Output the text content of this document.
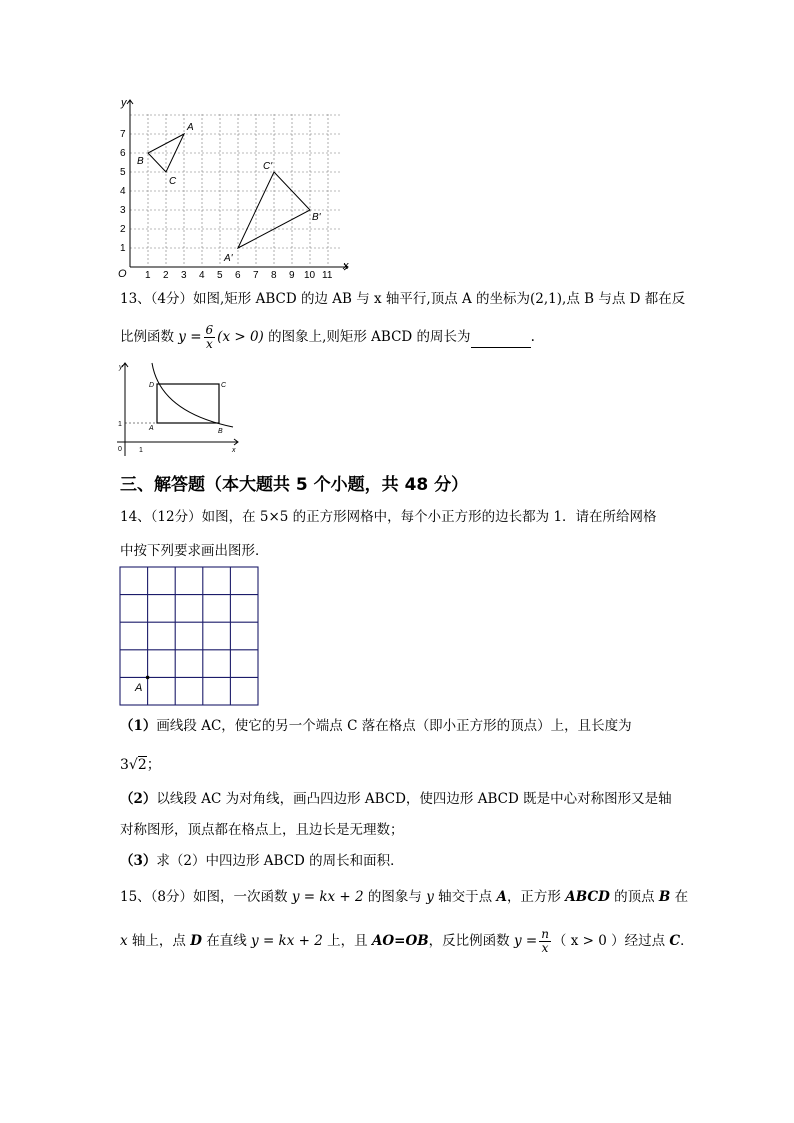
y
x
O
1
2
3
4
5
6
7
1 2 3 4 5 6 7 8 9 10 11
A
B
C
A'
B'
C'
13、（4分）如图,矩形 ABCD 的边 AB 与 x 轴平行,顶点 A 的坐标为(2,1),点 B 与点 D 都在反
比例函数 $y = \frac{6}{x} (x > 0)$ 的图象上,则矩形 ABCD 的周长为	.
y
x
D	C
A	B
0 1
1
三、解答题（本大题共 5 个小题，共 48 分）
14、（12分）如图，在 5×5 的正方形网格中，每个小正方形的边长都为 1．请在所给网格
中按下列要求画出图形．
A
（1）画线段 AC，使它的另一个端点 C 落在格点（即小正方形的顶点）上，且长度为
3√2；
（2）以线段 AC 为对角线，画凸四边形 ABCD，使四边形 ABCD 既是中心对称图形又是轴
对称图形，顶点都在格点上，且边长是无理数；
（3）求（2）中四边形 ABCD 的周长和面积．
15、（8分）如图，一次函数 y = kx + 2 的图象与 y 轴交于点 A，正方形 ABCD 的顶点 B 在
x 轴上，点 D 在直线 y = kx + 2 上，且 AO=OB，反比例函数 $y = \frac{n}{x}$ （ x > 0 ）经过点 C．
